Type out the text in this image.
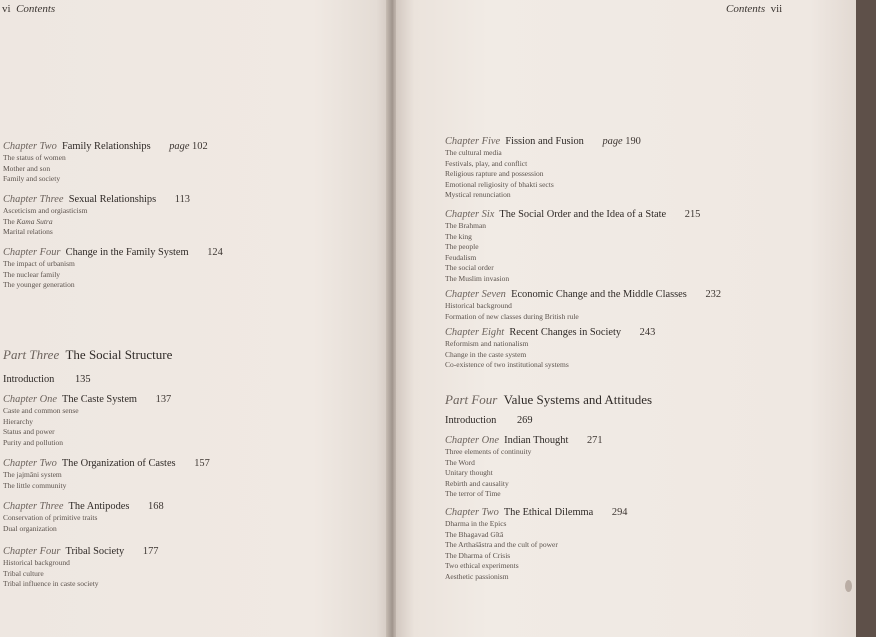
vi Contents
Chapter Two Family Relationships page 102
The status of women
Mother and son
Family and society
Chapter Three Sexual Relationships 113
Asceticism and orgiasticism
The Kama Sutra
Marital relations
Chapter Four Change in the Family System 124
The impact of urbanism
The nuclear family
The younger generation
Part Three The Social Structure
Introduction 135
Chapter One The Caste System 137
Caste and common sense
Hierarchy
Status and power
Purity and pollution
Chapter Two The Organization of Castes 157
The jajmāni system
The little community
Chapter Three The Antipodes 168
Conservation of primitive traits
Dual organization
Chapter Four Tribal Society 177
Historical background
Tribal culture
Tribal influence in caste society
Contents vii
Chapter Five Fission and Fusion page 190
The cultural media
Festivals, play, and conflict
Religious rapture and possession
Emotional religiosity of bhakti sects
Mystical renunciation
Chapter Six The Social Order and the Idea of a State 215
The Brahman
The king
The people
Feudalism
The social order
The Muslim invasion
Chapter Seven Economic Change and the Middle Classes 232
Historical background
Formation of new classes during British rule
Chapter Eight Recent Changes in Society 243
Reformism and nationalism
Change in the caste system
Co-existence of two institutional systems
Part Four Value Systems and Attitudes
Introduction 269
Chapter One Indian Thought 271
Three elements of continuity
The Word
Unitary thought
Rebirth and causality
The terror of Time
Chapter Two The Ethical Dilemma 294
Dharma in the Epics
The Bhagavad Gītā
The Arthaśāstra and the cult of power
The Dharma of Crisis
Two ethical experiments
Aesthetic passionism
